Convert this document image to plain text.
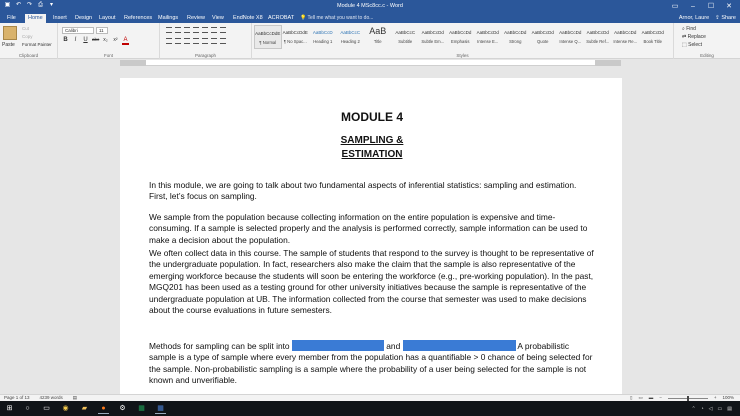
▣ ↶ ↷ ⎙	▾	Module 4 MSc8cc.c - Word	▭	–	☐	✕
File	Home	Insert	Design	Layout	References	Mailings	Review	View	EndNote X8 ACROBAT	💡 Tell me what you want to do...	Arnor, Laure ⇪ Share
Paste
Cut
Copy
Format Painter
Clipboard
Calibri	11
B	I	U abc x₂ x² A
Font	Paragraph
AaBbCcDdE
¶ Normal
AaBbCcDdE
¶ No Spac...
AaBbCcD
Heading 1
AaBbCcC
Heading 2
AaB
Title
AaBbCcC
Subtitle
AaBbCcDd
Subtle Em...
AaBbCcDd
Emphasis
AaBbCcDd
Intense E...
AaBbCcDd
Strong
AaBbCcDd
Quote
AaBbCcDd
Intense Q...
AaBbCcDd
Subtle Ref...
AaBbCcDd
Intense Re...
AaBbCcDd
Book Title
Styles
⌕ Find
⇄ Replace
⬚ Select
Editing
MODULE 4
SAMPLING &
ESTIMATION
In this module, we are going to talk about two fundamental aspects of inferential statistics: sampling and estimation. First, let’s focus on sampling.
We sample from the population because collecting information on the entire population is expensive and time-consuming. If a sample is selected properly and the analysis is performed correctly, sample information can be used to make a decision about the population.
We often collect data in this course. The sample of students that respond to the survey is thought to be representative of the undergraduate population. In fact, researchers also make the claim that the sample is also representative of the emerging workforce because the students will soon be entering the workforce (e.g., pre-working population). In the past, MGQ201 has been used as a testing ground for other university initiatives because the sample is representative of the undergraduate population at UB. The information collected from the course that semester was used to make decisions about the course evaluations in future semesters.
Methods for sampling can be split into	and	A probabilistic sample is a type of sample where every member from the population has a quantifiable > 0 chance of being selected for the sample. Non-probabilistic sampling is a sample where the probability of a user being selected for the sample is not known and unverifiable.
Page 1 of 13 4239 words ▤	▯ ▭ ▬ −	+ 100%
⊞	○	▭	◉	▰	●	⚙	▦	▦	⌃ ◔ ◁ ▭ ▤
